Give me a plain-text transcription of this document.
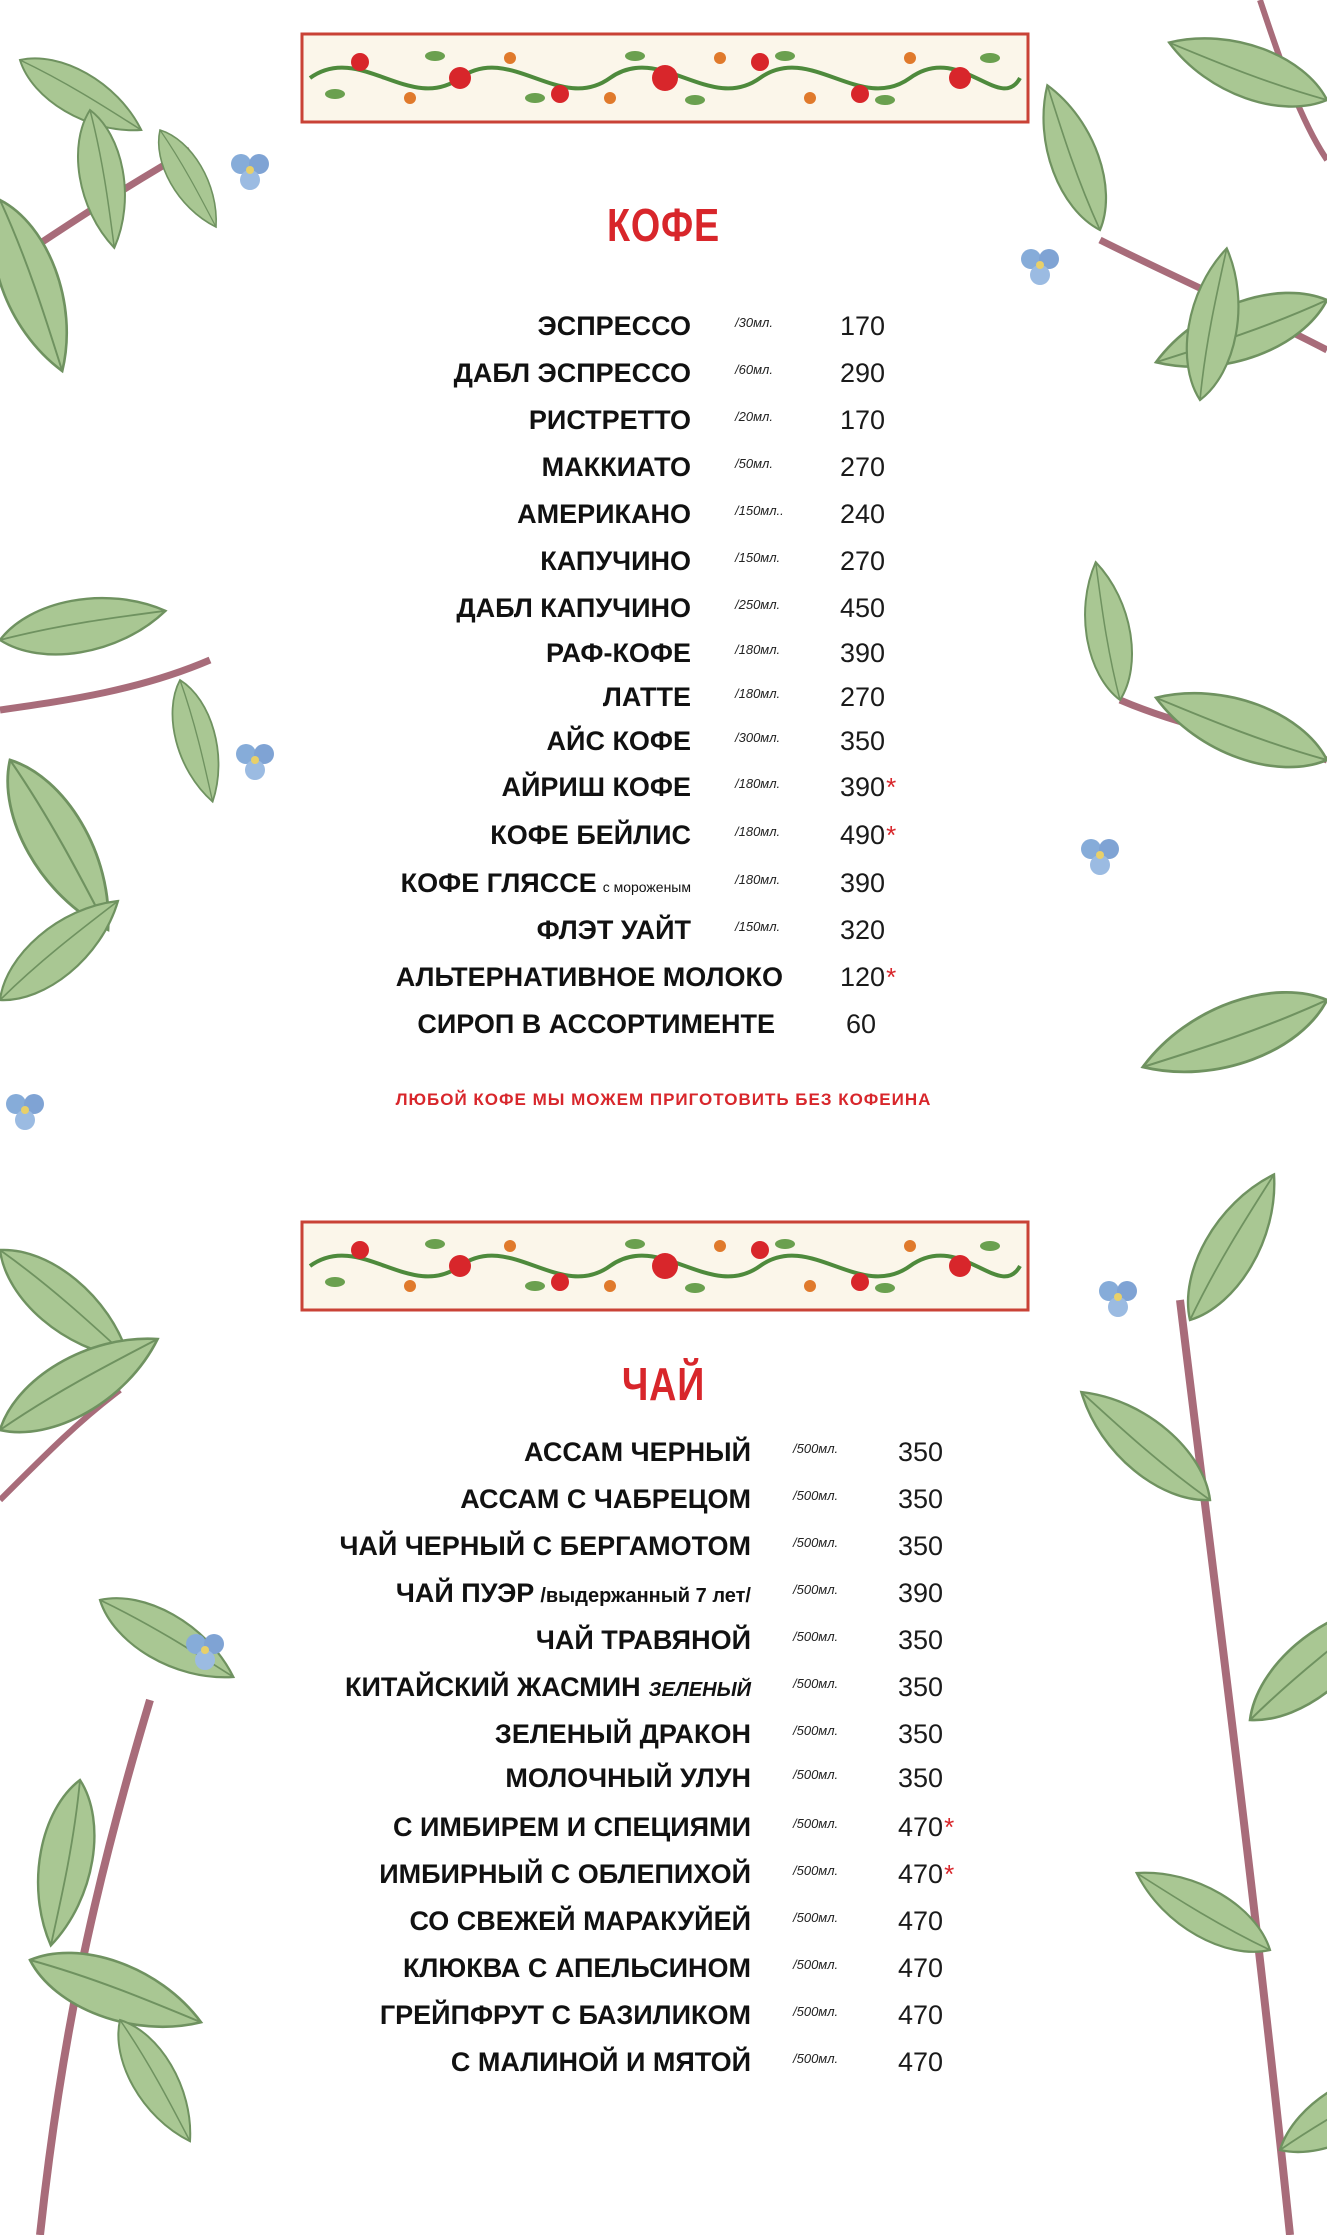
КОФЕ
ЧАЙ
ЭСПРЕССО	/30мл. 170
ДАБЛ ЭСПРЕССО	/60мл. 290
РИСТРЕТТО	/20мл. 170
МАККИАТО	/50мл. 270
АМЕРИКАНО	/150мл.. 240
КАПУЧИНО	/150мл. 270
ДАБЛ КАПУЧИНО	/250мл. 450
РАФ-КОФЕ	/180мл. 390
ЛАТТЕ	/180мл. 270
АЙС КОФЕ	/300мл. 350
АЙРИШ КОФЕ	/180мл. 390*
КОФЕ БЕЙЛИС	/180мл. 490*
КОФЕ ГЛЯССЕ с мороженым	/180мл. 390
ФЛЭТ УАЙТ	/150мл. 320
АЛЬТЕРНАТИВНОЕ МОЛОКО 120*
СИРОП В АССОРТИМЕНТЕ	60
ЛЮБОЙ КОФЕ МЫ МОЖЕМ ПРИГОТОВИТЬ БЕЗ КОФЕИНА
АССАМ ЧЕРНЫЙ	/500мл. 350
АССАМ С ЧАБРЕЦОМ	/500мл. 350
ЧАЙ ЧЕРНЫЙ С БЕРГАМОТОМ	/500мл. 350
ЧАЙ ПУЭР /выдержанный 7 лет/	/500мл. 390
ЧАЙ ТРАВЯНОЙ	/500мл. 350
КИТАЙСКИЙ ЖАСМИН ЗЕЛЕНЫЙ	/500мл. 350
ЗЕЛЕНЫЙ ДРАКОН	/500мл. 350
МОЛОЧНЫЙ УЛУН	/500мл. 350
С ИМБИРЕМ И СПЕЦИЯМИ	/500мл. 470*
ИМБИРНЫЙ С ОБЛЕПИХОЙ	/500мл. 470*
СО СВЕЖЕЙ МАРАКУЙЕЙ	/500мл. 470
КЛЮКВА С АПЕЛЬСИНОМ	/500мл. 470
ГРЕЙПФРУТ С БАЗИЛИКОМ	/500мл. 470
С МАЛИНОЙ И МЯТОЙ	/500мл. 470
